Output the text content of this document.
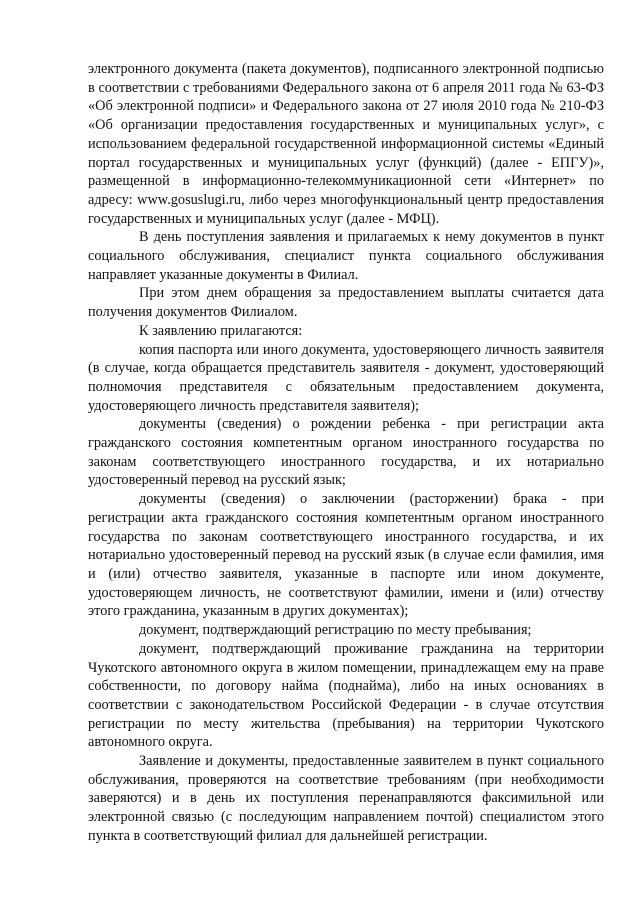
электронного документа (пакета документов), подписанного электронной подписью в соответствии с требованиями Федерального закона от 6 апреля 2011 года № 63-ФЗ «Об электронной подписи» и Федерального закона от 27 июля 2010 года № 210-ФЗ «Об организации предоставления государственных и муниципальных услуг», с использованием федеральной государственной информационной системы «Единый портал государственных и муниципальных услуг (функций) (далее - ЕПГУ)», размещенной в информационно-телекоммуникационной сети «Интернет» по адресу: www.gosuslugi.ru, либо через многофункциональный центр предоставления государственных и муниципальных услуг (далее - МФЦ).

В день поступления заявления и прилагаемых к нему документов в пункт социального обслуживания, специалист пункта социального обслуживания направляет указанные документы в Филиал.

При этом днем обращения за предоставлением выплаты считается дата получения документов Филиалом.

К заявлению прилагаются:

копия паспорта или иного документа, удостоверяющего личность заявителя (в случае, когда обращается представитель заявителя - документ, удостоверяющий полномочия представителя с обязательным предоставлением документа, удостоверяющего личность представителя заявителя);

документы (сведения) о рождении ребенка - при регистрации акта гражданского состояния компетентным органом иностранного государства по законам соответствующего иностранного государства, и их нотариально удостоверенный перевод на русский язык;

документы (сведения) о заключении (расторжении) брака - при регистрации акта гражданского состояния компетентным органом иностранного государства по законам соответствующего иностранного государства, и их нотариально удостоверенный перевод на русский язык (в случае если фамилия, имя и (или) отчество заявителя, указанные в паспорте или ином документе, удостоверяющем личность, не соответствуют фамилии, имени и (или) отчеству этого гражданина, указанным в других документах);

документ, подтверждающий регистрацию по месту пребывания;

документ, подтверждающий проживание гражданина на территории Чукотского автономного округа в жилом помещении, принадлежащем ему на праве собственности, по договору найма (поднайма), либо на иных основаниях в соответствии с законодательством Российской Федерации - в случае отсутствия регистрации по месту жительства (пребывания) на территории Чукотского автономного округа.

Заявление и документы, предоставленные заявителем в пункт социального обслуживания, проверяются на соответствие требованиям (при необходимости заверяются) и в день их поступления перенаправляются факсимильной или электронной связью (с последующим направлением почтой) специалистом этого пункта в соответствующий филиал для дальнейшей регистрации.
